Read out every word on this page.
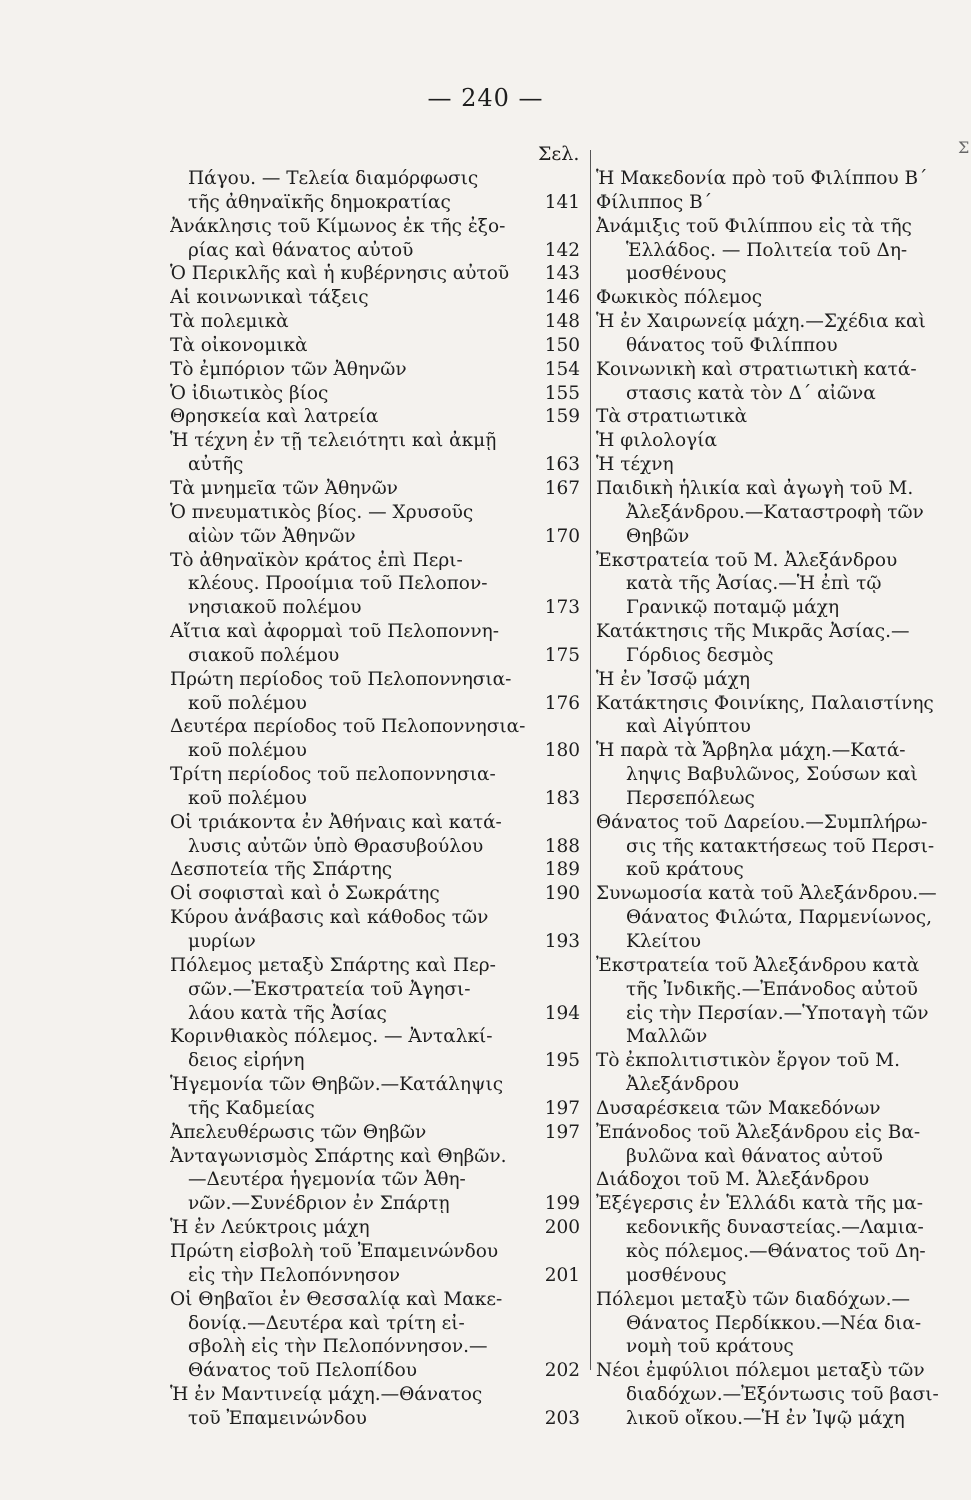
— 240 —
Σελ.	Σ
Πάγου. — Τελεία διαμόρφωσις
τῆς ἀθηναϊκῆς δημοκρατίας	141
Ἀνάκλησις τοῦ Κίμωνος ἐκ τῆς ἐξο-
ρίας καὶ θάνατος αὐτοῦ	142
Ὁ Περικλῆς καὶ ἡ κυβέρνησις αὐτοῦ 143
Αἱ κοινωνικαὶ τάξεις	146
Τὰ πολεμικὰ	148
Τὰ οἰκονομικὰ	150
Τὸ ἐμπόριον τῶν Ἀθηνῶν	154
Ὁ ἰδιωτικὸς βίος	155
Θρησκεία καὶ λατρεία	159
Ἡ τέχνη ἐν τῇ τελειότητι καὶ ἀκμῇ
αὐτῆς	163
Τὰ μνημεῖα τῶν Ἀθηνῶν	167
Ὁ πνευματικὸς βίος. — Χρυσοῦς
αἰὼν τῶν Ἀθηνῶν	170
Τὸ ἀθηναϊκὸν κράτος ἐπὶ Περι-
κλέους. Προοίμια τοῦ Πελοπον-
νησιακοῦ πολέμου	173
Αἴτια καὶ ἀφορμαὶ τοῦ Πελοποννη-
σιακοῦ πολέμου	175
Πρώτη περίοδος τοῦ Πελοποννησια-
κοῦ πολέμου	176
Δευτέρα περίοδος τοῦ Πελοποννησια-
κοῦ πολέμου	180
Τρίτη περίοδος τοῦ πελοποννησια-
κοῦ πολέμου	183
Οἱ τριάκοντα ἐν Ἀθήναις καὶ κατά-
λυσις αὐτῶν ὑπὸ Θρασυβούλου	188
Δεσποτεία τῆς Σπάρτης	189
Οἱ σοφισταὶ καὶ ὁ Σωκράτης	190
Κύρου ἀνάβασις καὶ κάθοδος τῶν
μυρίων	193
Πόλεμος μεταξὺ Σπάρτης καὶ Περ-
σῶν.—Ἐκστρατεία τοῦ Ἀγησι-
λάου κατὰ τῆς Ἀσίας	194
Κορινθιακὸς πόλεμος. — Ἀνταλκί-
δειος εἰρήνη	195
Ἡγεμονία τῶν Θηβῶν.—Κατάληψις
τῆς Καδμείας	197
Ἀπελευθέρωσις τῶν Θηβῶν	197
Ἀνταγωνισμὸς Σπάρτης καὶ Θηβῶν.
—Δευτέρα ἡγεμονία τῶν Ἀθη-
νῶν.—Συνέδριον ἐν Σπάρτῃ	199
Ἡ ἐν Λεύκτροις μάχη	200
Πρώτη εἰσβολὴ τοῦ Ἐπαμεινώνδου
εἰς τὴν Πελοπόννησον	201
Οἱ Θηβαῖοι ἐν Θεσσαλίᾳ καὶ Μακε-
δονίᾳ.—Δευτέρα καὶ τρίτη εἰ-
σβολὴ εἰς τὴν Πελοπόννησον.—
Θάνατος τοῦ Πελοπίδου	202
Ἡ ἐν Μαντινείᾳ μάχη.—Θάνατος
τοῦ Ἐπαμεινώνδου	203
Ἡ Μακεδονία πρὸ τοῦ Φιλίππου Β´
Φίλιππος Β´
Ἀνάμιξις τοῦ Φιλίππου εἰς τὰ τῆς
Ἑλλάδος. — Πολιτεία τοῦ Δη-
μοσθένους
Φωκικὸς πόλεμος
Ἡ ἐν Χαιρωνείᾳ μάχη.—Σχέδια καὶ
θάνατος τοῦ Φιλίππου
Κοινωνικὴ καὶ στρατιωτικὴ κατά-
στασις κατὰ τὸν Δ´ αἰῶνα
Τὰ στρατιωτικὰ
Ἡ φιλολογία
Ἡ τέχνη
Παιδικὴ ἡλικία καὶ ἀγωγὴ τοῦ Μ.
Ἀλεξάνδρου.—Καταστροφὴ τῶν
Θηβῶν
Ἐκστρατεία τοῦ Μ. Ἀλεξάνδρου
κατὰ τῆς Ἀσίας.—Ἡ ἐπὶ τῷ
Γρανικῷ ποταμῷ μάχη
Κατάκτησις τῆς Μικρᾶς Ἀσίας.—
Γόρδιος δεσμὸς
Ἡ ἐν Ἰσσῷ μάχη
Κατάκτησις Φοινίκης, Παλαιστίνης
καὶ Αἰγύπτου
Ἡ παρὰ τὰ Ἄρβηλα μάχη.—Κατά-
ληψις Βαβυλῶνος, Σούσων καὶ
Περσεπόλεως
Θάνατος τοῦ Δαρείου.—Συμπλήρω-
σις τῆς κατακτήσεως τοῦ Περσι-
κοῦ κράτους
Συνωμοσία κατὰ τοῦ Ἀλεξάνδρου.—
Θάνατος Φιλώτα, Παρμενίωνος,
Κλείτου
Ἐκστρατεία τοῦ Ἀλεξάνδρου κατὰ
τῆς Ἰνδικῆς.—Ἐπάνοδος αὐτοῦ
εἰς τὴν Περσίαν.—Ὑποταγὴ τῶν
Μαλλῶν
Τὸ ἐκπολιτιστικὸν ἔργον τοῦ Μ.
Ἀλεξάνδρου
Δυσαρέσκεια τῶν Μακεδόνων
Ἐπάνοδος τοῦ Ἀλεξάνδρου εἰς Βα-
βυλῶνα καὶ θάνατος αὐτοῦ
Διάδοχοι τοῦ Μ. Ἀλεξάνδρου
Ἐξέγερσις ἐν Ἑλλάδι κατὰ τῆς μα-
κεδονικῆς δυναστείας.—Λαμια-
κὸς πόλεμος.—Θάνατος τοῦ Δη-
μοσθένους
Πόλεμοι μεταξὺ τῶν διαδόχων.—
Θάνατος Περδίκκου.—Νέα δια-
νομὴ τοῦ κράτους
Νέοι ἐμφύλιοι πόλεμοι μεταξὺ τῶν
διαδόχων.—Ἐξόντωσις τοῦ βασι-
λικοῦ οἴκου.—Ἡ ἐν Ἰψῷ μάχη
